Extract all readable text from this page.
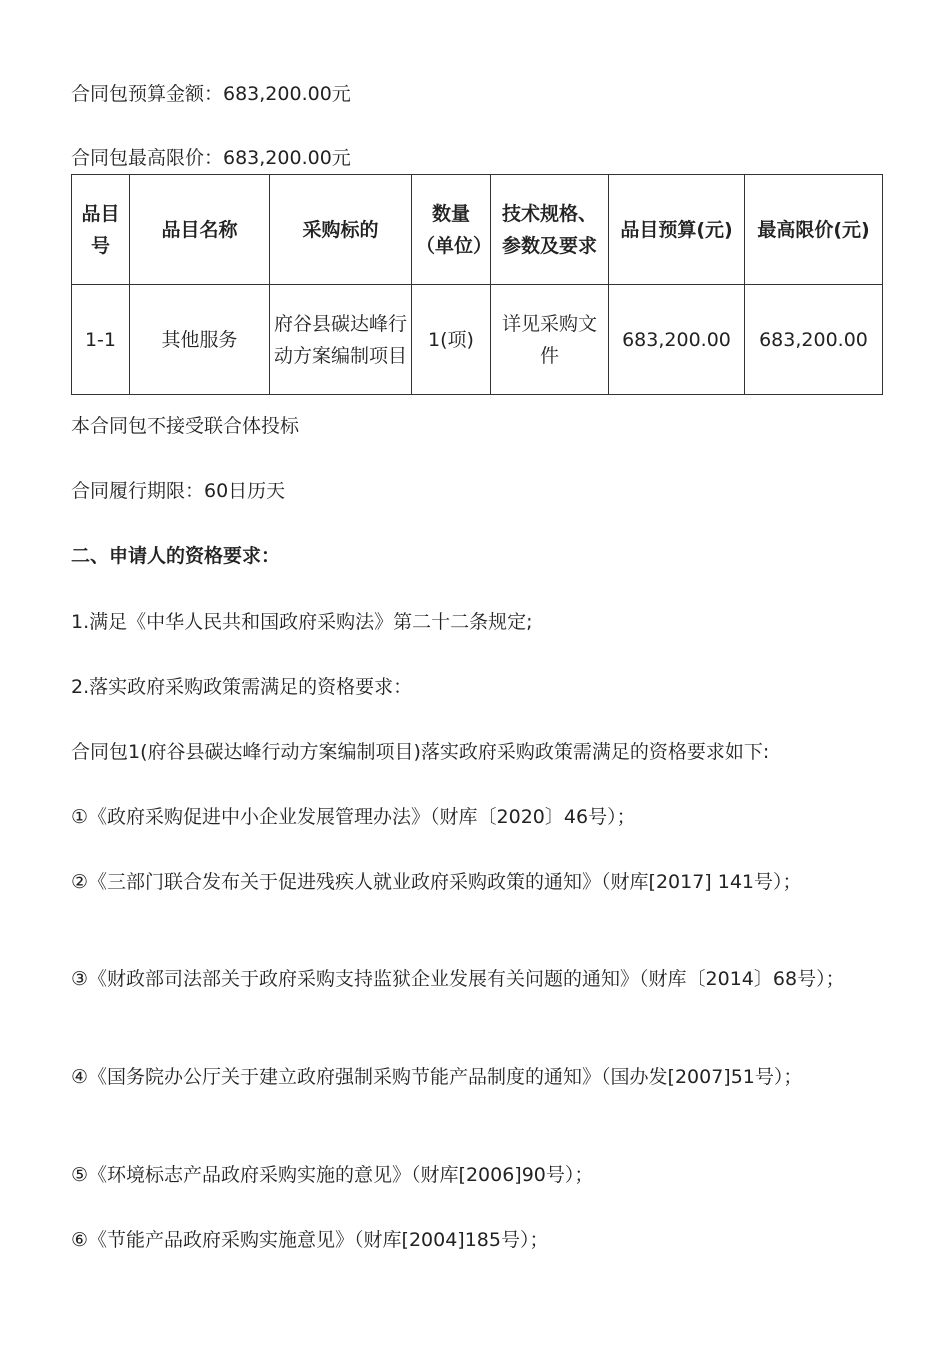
合同包预算金额：683,200.00元
合同包最高限价：683,200.00元
品目号	品目名称	采购标的	数量（单位）	技术规格、参数及要求	品目预算(元)	最高限价(元)
1-1	其他服务	府谷县碳达峰行动方案编制项目	1(项)	详见采购文件	683,200.00	683,200.00
本合同包不接受联合体投标
合同履行期限：60日历天
二、申请人的资格要求：
1.满足《中华人民共和国政府采购法》第二十二条规定;
2.落实政府采购政策需满足的资格要求：
合同包1(府谷县碳达峰行动方案编制项目)落实政府采购政策需满足的资格要求如下:
①《政府采购促进中小企业发展管理办法》（财库〔2020〕46号）；
②《三部门联合发布关于促进残疾人就业政府采购政策的通知》（财库[2017] 141号）；
③《财政部司法部关于政府采购支持监狱企业发展有关问题的通知》（财库〔2014〕68号）；
④《国务院办公厅关于建立政府强制采购节能产品制度的通知》（国办发[2007]51号）；
⑤《环境标志产品政府采购实施的意见》（财库[2006]90号）；
⑥《节能产品政府采购实施意见》（财库[2004]185号）；
